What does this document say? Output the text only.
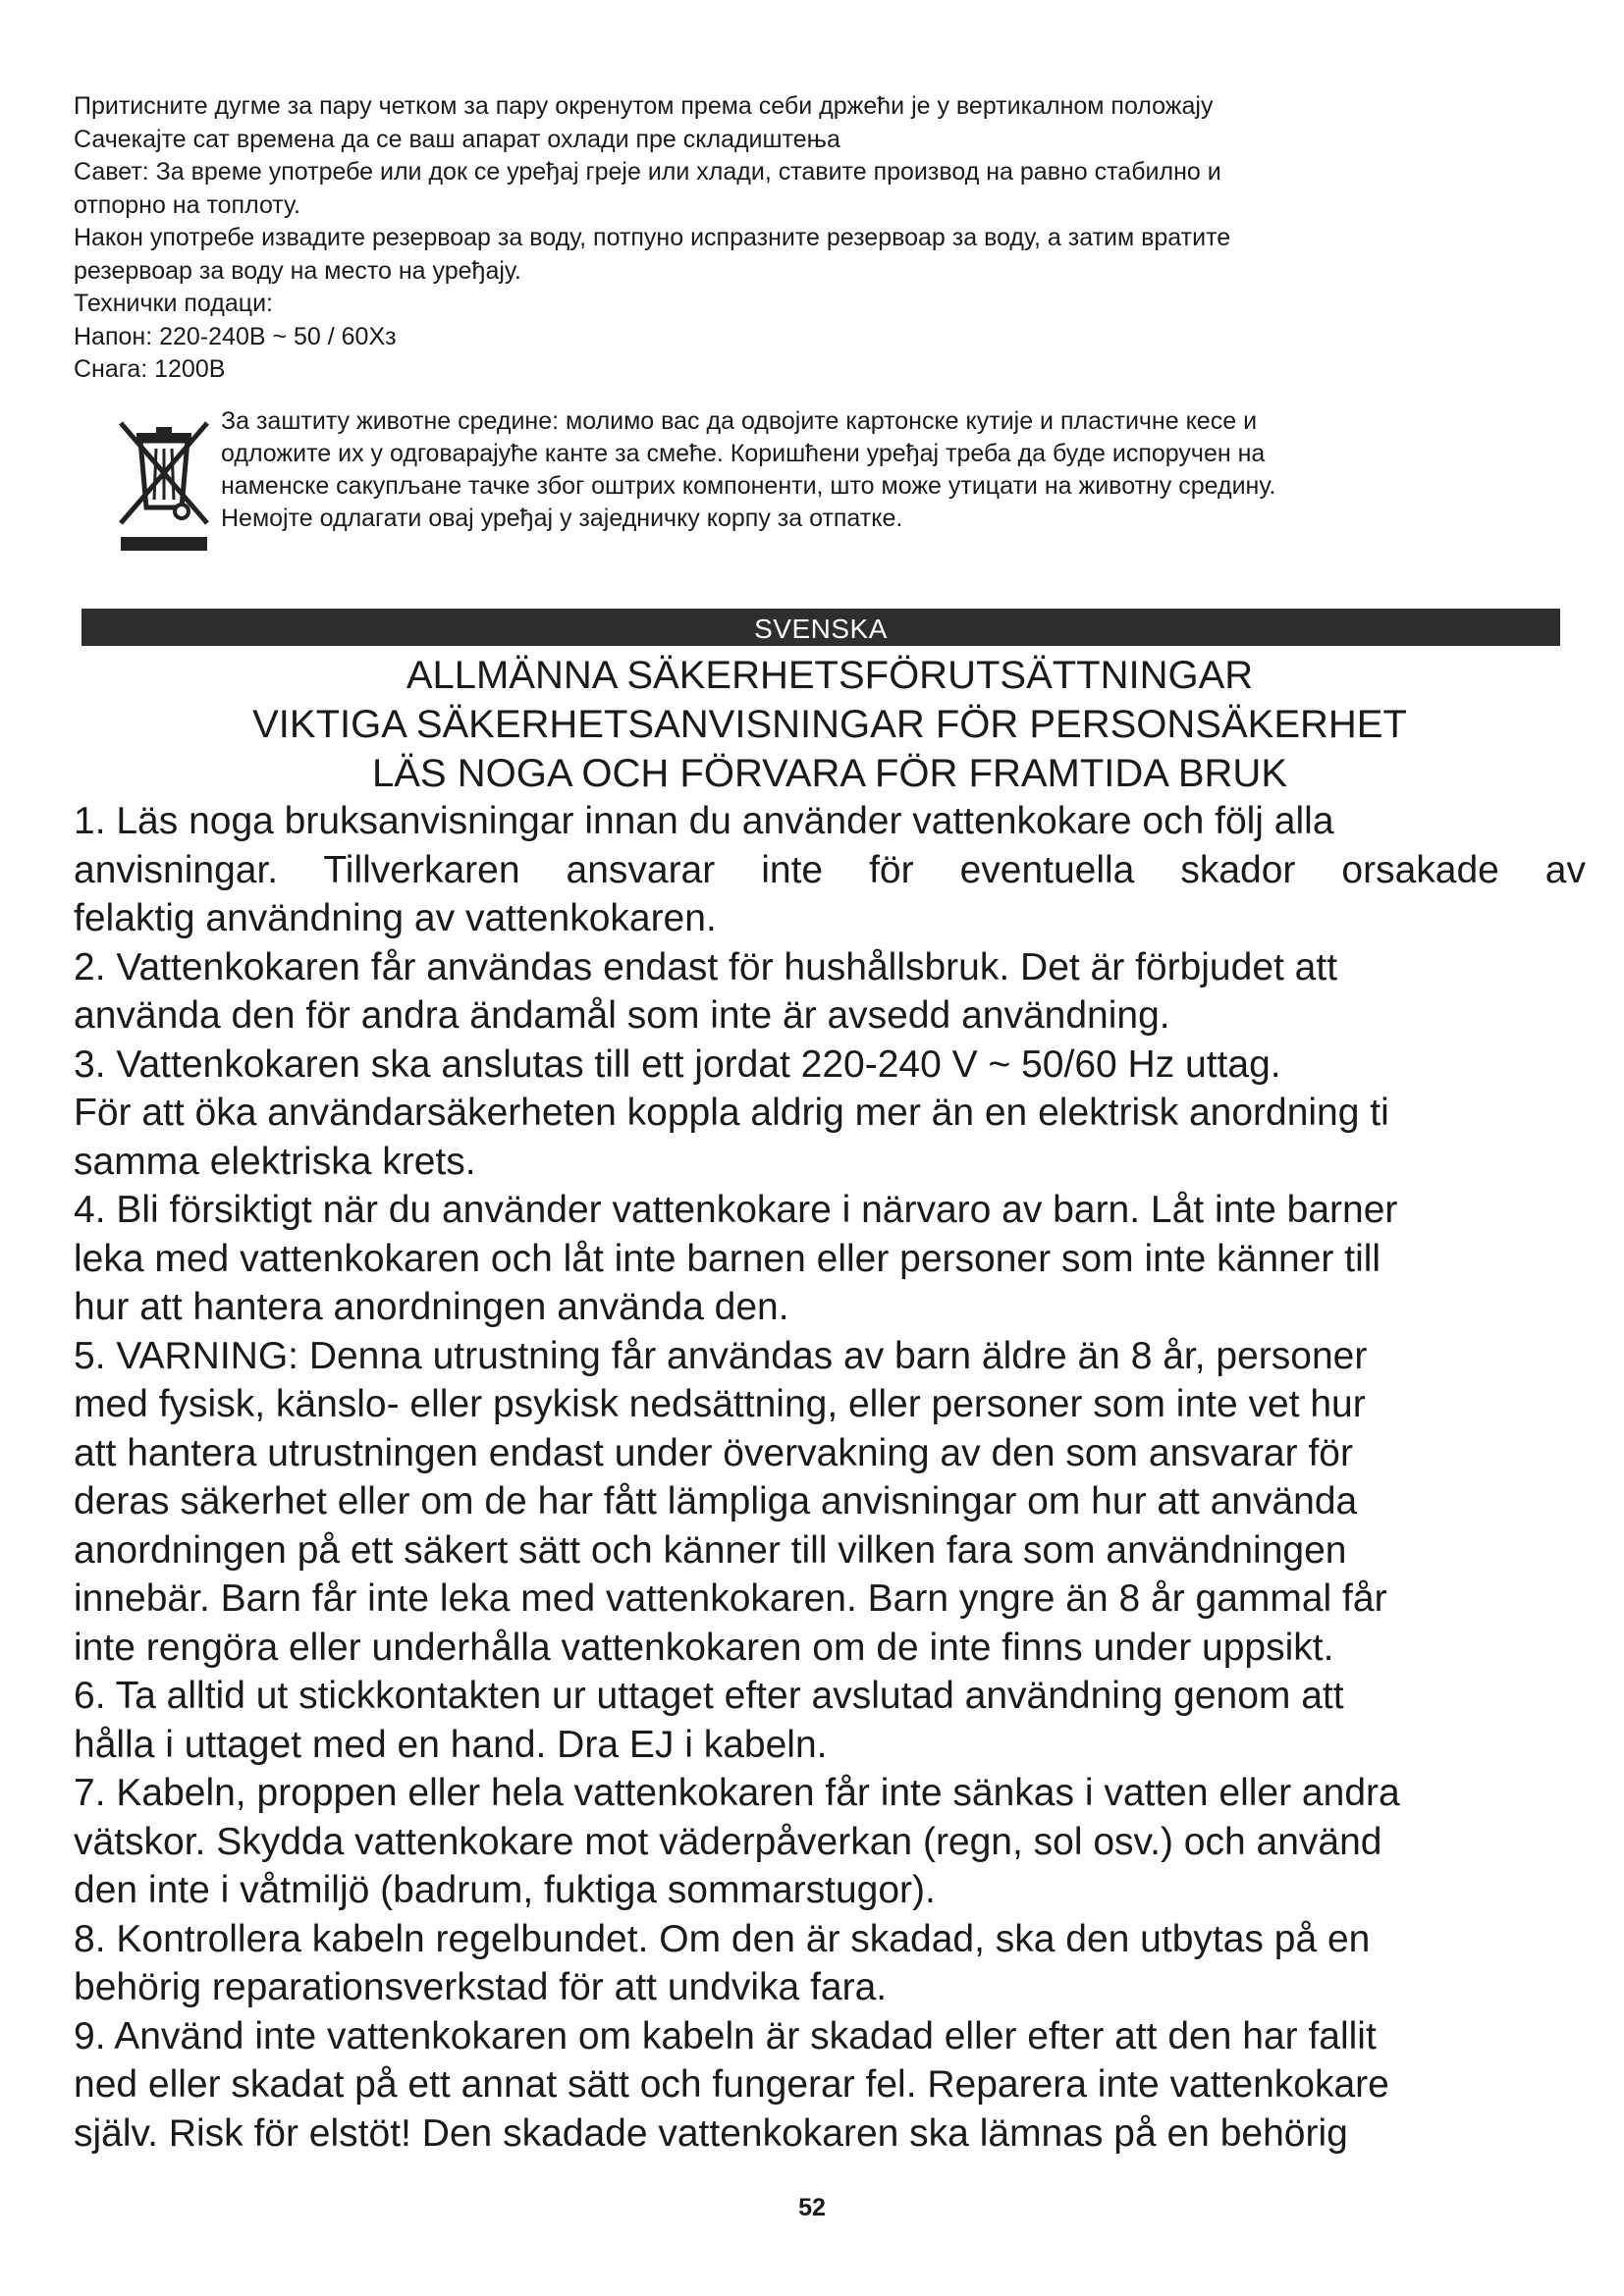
Притисните дугме за пару четком за пару окренутом према себи држећи је у вертикалном положају
Сачекајте сат времена да се ваш апарат охлади пре складиштења
Савет: За време употребе или док се уређај греје или хлади, ставите производ на равно стабилно и
отпорно на топлоту.
Након употребе извадите резервоар за воду, потпуно испразните резервоар за воду, а затим вратите
резервоар за воду на место на уређају.
Технички подаци:
Напон: 220-240В ~ 50 / 60Хз
Снага: 1200В
За заштиту животне средине: молимо вас да одвојите картонске кутије и пластичне кесе и
одложите их у одговарајуће канте за смеће. Коришћени уређај треба да буде испоручен на
наменске сакупљане тачке због оштрих компоненти, што може утицати на животну средину.
Немојте одлагати овај уређај у заједничку корпу за отпатке.
SVENSKA
ALLMÄNNA SÄKERHETSFÖRUTSÄTTNINGAR
VIKTIGA SÄKERHETSANVISNINGAR FÖR PERSONSÄKERHET
LÄS NOGA OCH FÖRVARA FÖR FRAMTIDA BRUK
1. Läs noga bruksanvisningar innan du använder vattenkokare och följ alla
anvisningar. Tillverkaren ansvarar inte för eventuella skador orsakade av
felaktig användning av vattenkokaren.
2. Vattenkokaren får användas endast för hushållsbruk. Det är förbjudet att
använda den för andra ändamål som inte är avsedd användning.
3. Vattenkokaren ska anslutas till ett jordat 220-240 V ~ 50/60 Hz uttag.
För att öka användarsäkerheten koppla aldrig mer än en elektrisk anordning ti
samma elektriska krets.
4. Bli försiktigt när du använder vattenkokare i närvaro av barn. Låt inte barner
leka med vattenkokaren och låt inte barnen eller personer som inte känner till
hur att hantera anordningen använda den.
5. VARNING: Denna utrustning får användas av barn äldre än 8 år, personer
med fysisk, känslo- eller psykisk nedsättning, eller personer som inte vet hur
att hantera utrustningen endast under övervakning av den som ansvarar för
deras säkerhet eller om de har fått lämpliga anvisningar om hur att använda
anordningen på ett säkert sätt och känner till vilken fara som användningen
innebär. Barn får inte leka med vattenkokaren. Barn yngre än 8 år gammal får
inte rengöra eller underhålla vattenkokaren om de inte finns under uppsikt.
6. Ta alltid ut stickkontakten ur uttaget efter avslutad användning genom att
hålla i uttaget med en hand. Dra EJ i kabeln.
7. Kabeln, proppen eller hela vattenkokaren får inte sänkas i vatten eller andra
vätskor. Skydda vattenkokare mot väderpåverkan (regn, sol osv.) och använd
den inte i våtmiljö (badrum, fuktiga sommarstugor).
8. Kontrollera kabeln regelbundet. Om den är skadad, ska den utbytas på en
behörig reparationsverkstad för att undvika fara.
9. Använd inte vattenkokaren om kabeln är skadad eller efter att den har fallit
ned eller skadat på ett annat sätt och fungerar fel. Reparera inte vattenkokare
själv. Risk för elstöt! Den skadade vattenkokaren ska lämnas på en behörig
52
